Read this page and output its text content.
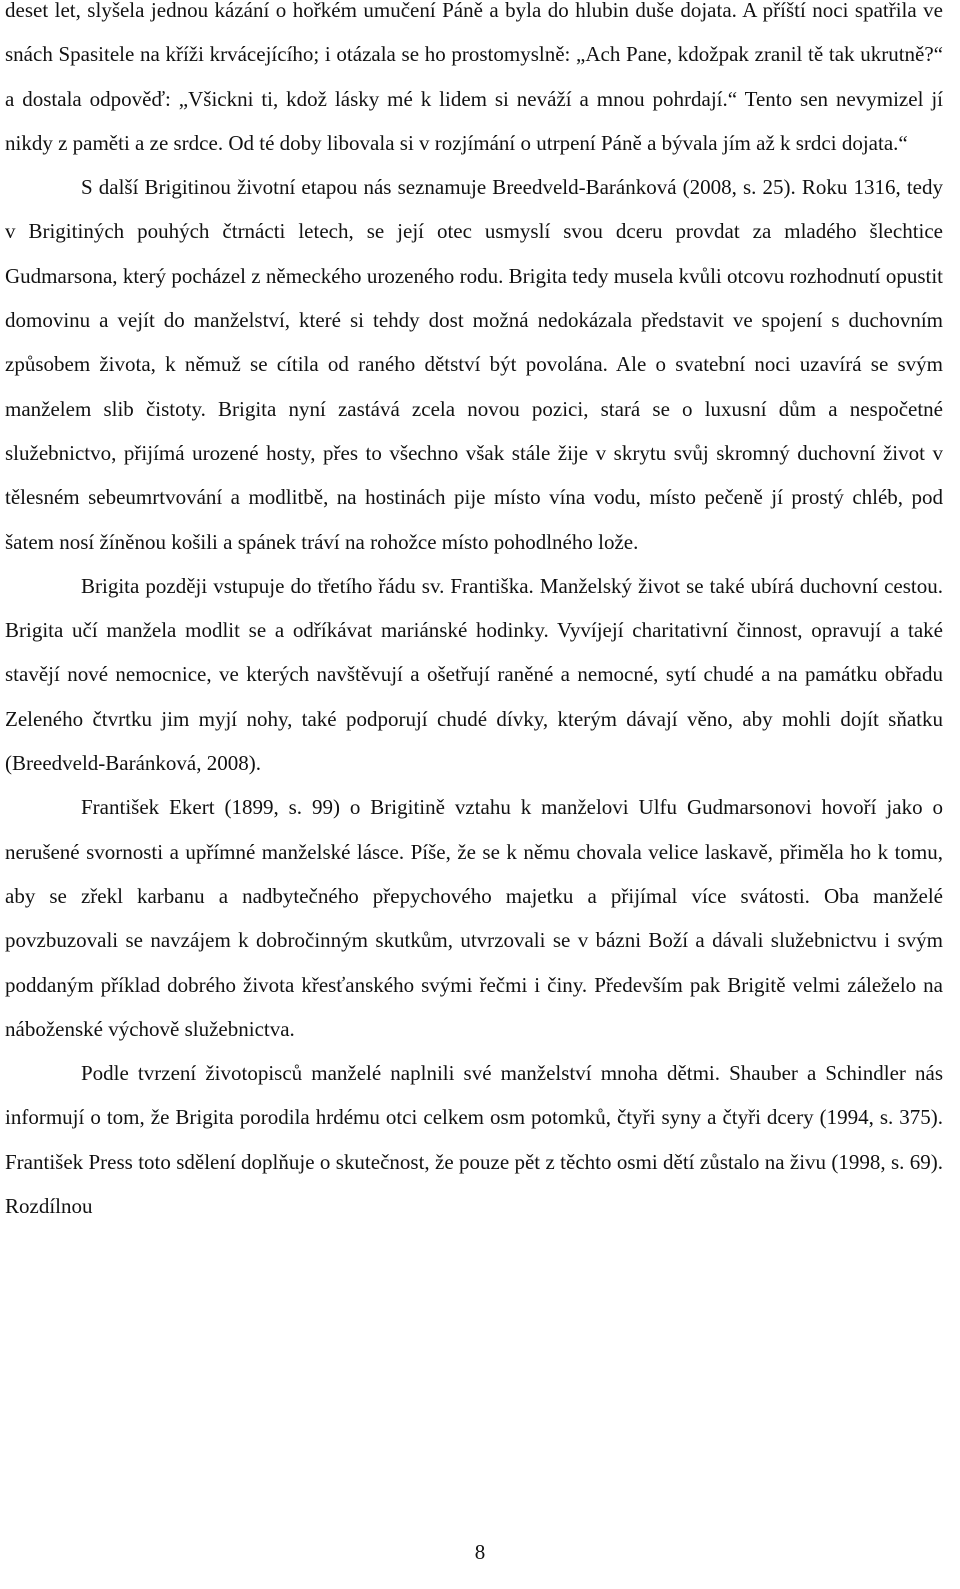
deset let, slyšela jednou kázání o hořkém umučení Páně a byla do hlubin duše dojata. A příští noci spatřila ve snách Spasitele na kříži krvácejícího; i otázala se ho prostomyslně: „Ach Pane, kdožpak zranil tě tak ukrutně?“ a dostala odpověď: „Všickni ti, kdož lásky mé k lidem si neváží a mnou pohrdají.“ Tento sen nevymizel jí nikdy z paměti a ze srdce. Od té doby libovala si v rozjímání o utrpení Páně a bývala jím až k srdci dojata.“

S další Brigitinou životní etapou nás seznamuje Breedveld-Baránková (2008, s. 25). Roku 1316, tedy v Brigitiných pouhých čtrnácti letech, se její otec usmyslí svou dceru provdat za mladého šlechtice Gudmarsona, který pocházel z německého urozeného rodu. Brigita tedy musela kvůli otcovu rozhodnutí opustit domovinu a vejít do manželství, které si tehdy dost možná nedokázala představit ve spojení s duchovním způsobem života, k němuž se cítila od raného dětství být povolána. Ale o svatební noci uzavírá se svým manželem slib čistoty. Brigita nyní zastává zcela novou pozici, stará se o luxusní dům a nespočetné služebnictvo, přijímá urozené hosty, přes to všechno však stále žije v skrytu svůj skromný duchovní život v tělesném sebeumrtvování a modlitbě, na hostinách pije místo vína vodu, místo pečeně jí prostý chléb, pod šatem nosí žíněnou košili a spánek tráví na rohožce místo pohodlného lože.

Brigita později vstupuje do třetího řádu sv. Františka. Manželský život se také ubírá duchovní cestou. Brigita učí manžela modlit se a odříkávat mariánské hodinky. Vyvíjejí charitativní činnost, opravují a také stavějí nové nemocnice, ve kterých navštěvují a ošetřují raněné a nemocné, sytí chudé a na památku obřadu Zeleného čtvrtku jim myjí nohy, také podporují chudé dívky, kterým dávají věno, aby mohli dojít sňatku (Breedveld-Baránková, 2008).

František Ekert (1899, s. 99) o Brigitině vztahu k manželovi Ulfu Gudmarsonovi hovoří jako o nerušené svornosti a upřímné manželské lásce. Píše, že se k němu chovala velice laskavě, přiměla ho k tomu, aby se zřekl karbanu a nadbytečného přepychového majetku a přijímal více svátosti. Oba manželé povzbuzovali se navzájem k dobročinným skutkům, utvrzovali se v bázni Boží a dávali služebnictvu i svým poddaným příklad dobrého života křesťanského svými řečmi i činy. Především pak Brigitě velmi záleželo na náboženské výchově služebnictva.

Podle tvrzení životopisců manželé naplnili své manželství mnoha dětmi. Shauber a Schindler nás informují o tom, že Brigita porodila hrdému otci celkem osm potomků, čtyři syny a čtyři dcery (1994, s. 375). František Press toto sdělení doplňuje o skutečnost, že pouze pět z těchto osmi dětí zůstalo na živu (1998, s. 69). Rozdílnou

8
